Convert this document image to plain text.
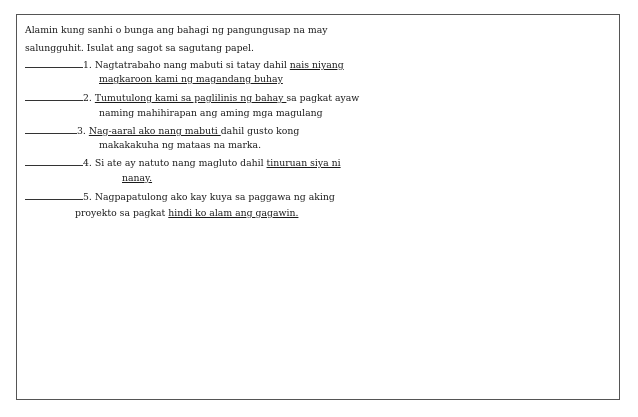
Alamin kung sanhi o bunga ang bahagi ng pangungusap na may
salungguhit. Isulat ang sagot sa sagutang papel.
1. Nagtatrabaho nang mabuti si tatay dahil nais niyang
magkaroon kami ng magandang buhay
2. Tumutulong kami sa paglilinis ng bahay sa pagkat ayaw
naming mahihirapan ang aming mga magulang
3. Nag-aaral ako nang mabuti dahil gusto kong
makakakuha ng mataas na marka.
4. Si ate ay natuto nang magluto dahil tinuruan siya ni
nanay.
5. Nagpapatulong ako kay kuya sa paggawa ng aking
proyekto sa pagkat hindi ko alam ang gagawin.
